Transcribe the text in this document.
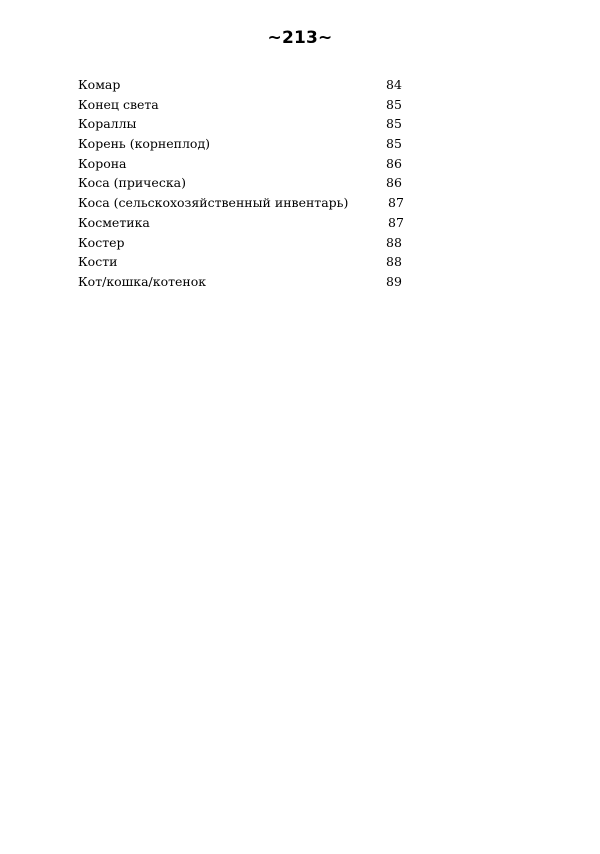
~213~
Комар	84
Конец света	85
Кораллы	85
Корень (корнеплод)	85
Корона	86
Коса (прическа)	86
Коса (сельскохозяйственный инвентарь)	87
Косметика	87
Костер	88
Кости	88
Кот/кошка/котенок	89
